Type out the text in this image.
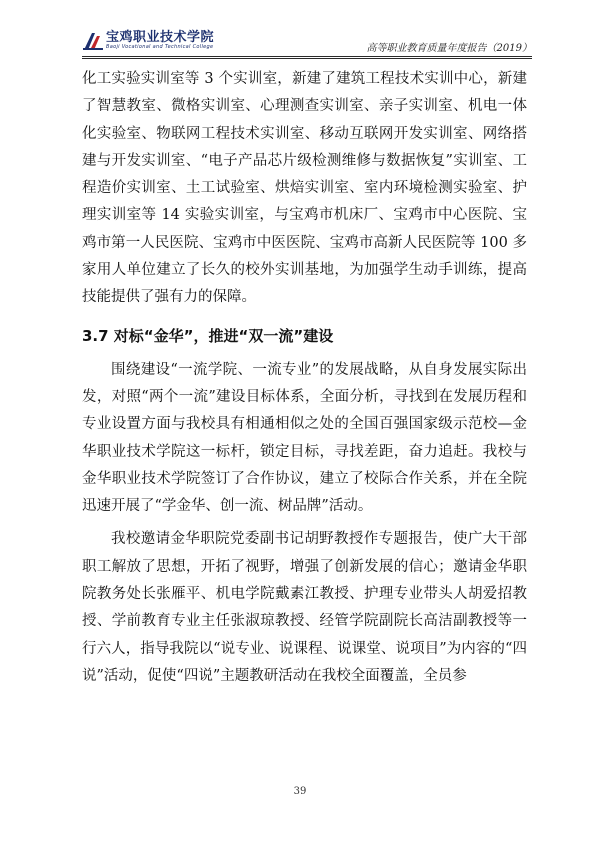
宝鸡职业技术学院
Baoji Vocational and Technical College	高等职业教育质量年度报告（2019）

化工实验实训室等 3 个实训室，新建了建筑工程技术实训中心，新建了智慧教室、微格实训室、心理测查实训室、亲子实训室、机电一体化实验室、物联网工程技术实训室、移动互联网开发实训室、网络搭建与开发实训室、“电子产品芯片级检测维修与数据恢复”实训室、工程造价实训室、土工试验室、烘焙实训室、室内环境检测实验室、护理实训室等 14 实验实训室，与宝鸡市机床厂、宝鸡市中心医院、宝鸡市第一人民医院、宝鸡市中医医院、宝鸡市高新人民医院等 100 多家用人单位建立了长久的校外实训基地，为加强学生动手训练，提高技能提供了强有力的保障。

3.7 对标“金华”，推进“双一流”建设

围绕建设“一流学院、一流专业”的发展战略，从自身发展实际出发，对照“两个一流”建设目标体系，全面分析，寻找到在发展历程和专业设置方面与我校具有相通相似之处的全国百强国家级示范校—金华职业技术学院这一标杆，锁定目标，寻找差距，奋力追赶。我校与金华职业技术学院签订了合作协议，建立了校际合作关系，并在全院迅速开展了“学金华、创一流、树品牌”活动。

我校邀请金华职院党委副书记胡野教授作专题报告，使广大干部职工解放了思想，开拓了视野，增强了创新发展的信心；邀请金华职院教务处长张雁平、机电学院戴素江教授、护理专业带头人胡爱招教授、学前教育专业主任张淑琼教授、经管学院副院长高洁副教授等一行六人，指导我院以“说专业、说课程、说课堂、说项目”为内容的“四说”活动，促使“四说”主题教研活动在我校全面覆盖，全员参

39
